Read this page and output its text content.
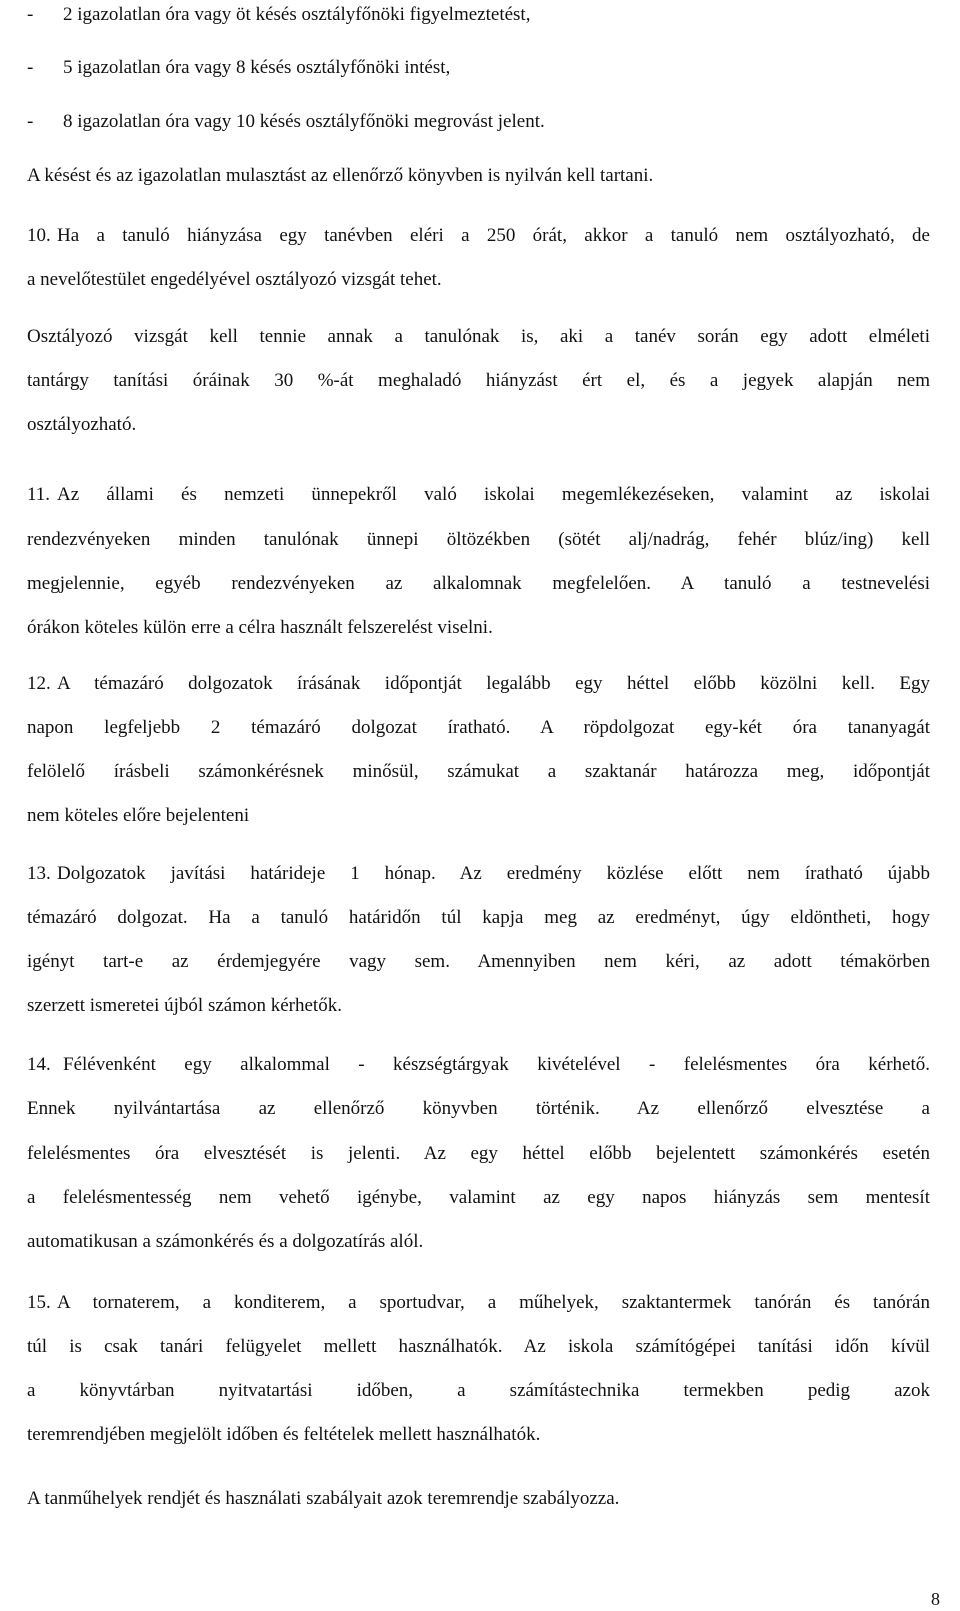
- 2 igazolatlan óra vagy öt késés osztályfőnöki figyelmeztetést,
- 5 igazolatlan óra vagy 8 késés osztályfőnöki intést,
- 8 igazolatlan óra vagy 10 késés osztályfőnöki megrovást jelent.
A késést és az igazolatlan mulasztást az ellenőrző könyvben is nyilván kell tartani.
10. Ha a tanuló hiányzása egy tanévben eléri a 250 órát, akkor a tanuló nem osztályozható, de
a nevelőtestület engedélyével osztályozó vizsgát tehet.
Osztályozó vizsgát kell tennie annak a tanulónak is, aki a tanév során egy adott elméleti
tantárgy tanítási óráinak 30 %-át meghaladó hiányzást ért el, és a jegyek alapján nem
osztályozható.
11. Az állami és nemzeti ünnepekről való iskolai megemlékezéseken, valamint az iskolai
rendezvényeken minden tanulónak ünnepi öltözékben (sötét alj/nadrág, fehér blúz/ing) kell
megjelennie, egyéb rendezvényeken az alkalomnak megfelelően. A tanuló a testnevelési
órákon köteles külön erre a célra használt felszerelést viselni.
12. A témazáró dolgozatok írásának időpontját legalább egy héttel előbb közölni kell. Egy
napon legfeljebb 2 témazáró dolgozat íratható. A röpdolgozat egy-két óra tananyagát
felölelő írásbeli számonkérésnek minősül, számukat a szaktanár határozza meg, időpontját
nem köteles előre bejelenteni
13. Dolgozatok javítási határideje 1 hónap. Az eredmény közlése előtt nem íratható újabb
témazáró dolgozat. Ha a tanuló határidőn túl kapja meg az eredményt, úgy eldöntheti, hogy
igényt tart-e az érdemjegyére vagy sem. Amennyiben nem kéri, az adott témakörben
szerzett ismeretei újból számon kérhetők.
14. Félévenként egy alkalommal - készségtárgyak kivételével - felelésmentes óra kérhető.
Ennek nyilvántartása az ellenőrző könyvben történik. Az ellenőrző elvesztése a
felelésmentes óra elvesztését is jelenti. Az egy héttel előbb bejelentett számonkérés esetén
a felelésmentesség nem vehető igénybe, valamint az egy napos hiányzás sem mentesít
automatikusan a számonkérés és a dolgozatírás alól.
15. A tornaterem, a konditerem, a sportudvar, a műhelyek, szaktantermek tanórán és tanórán
túl is csak tanári felügyelet mellett használhatók. Az iskola számítógépei tanítási időn kívül
a könyvtárban nyitvatartási időben, a számítástechnika termekben pedig azok
teremrendjében megjelölt időben és feltételek mellett használhatók.
A tanműhelyek rendjét és használati szabályait azok teremrendje szabályozza.
8
